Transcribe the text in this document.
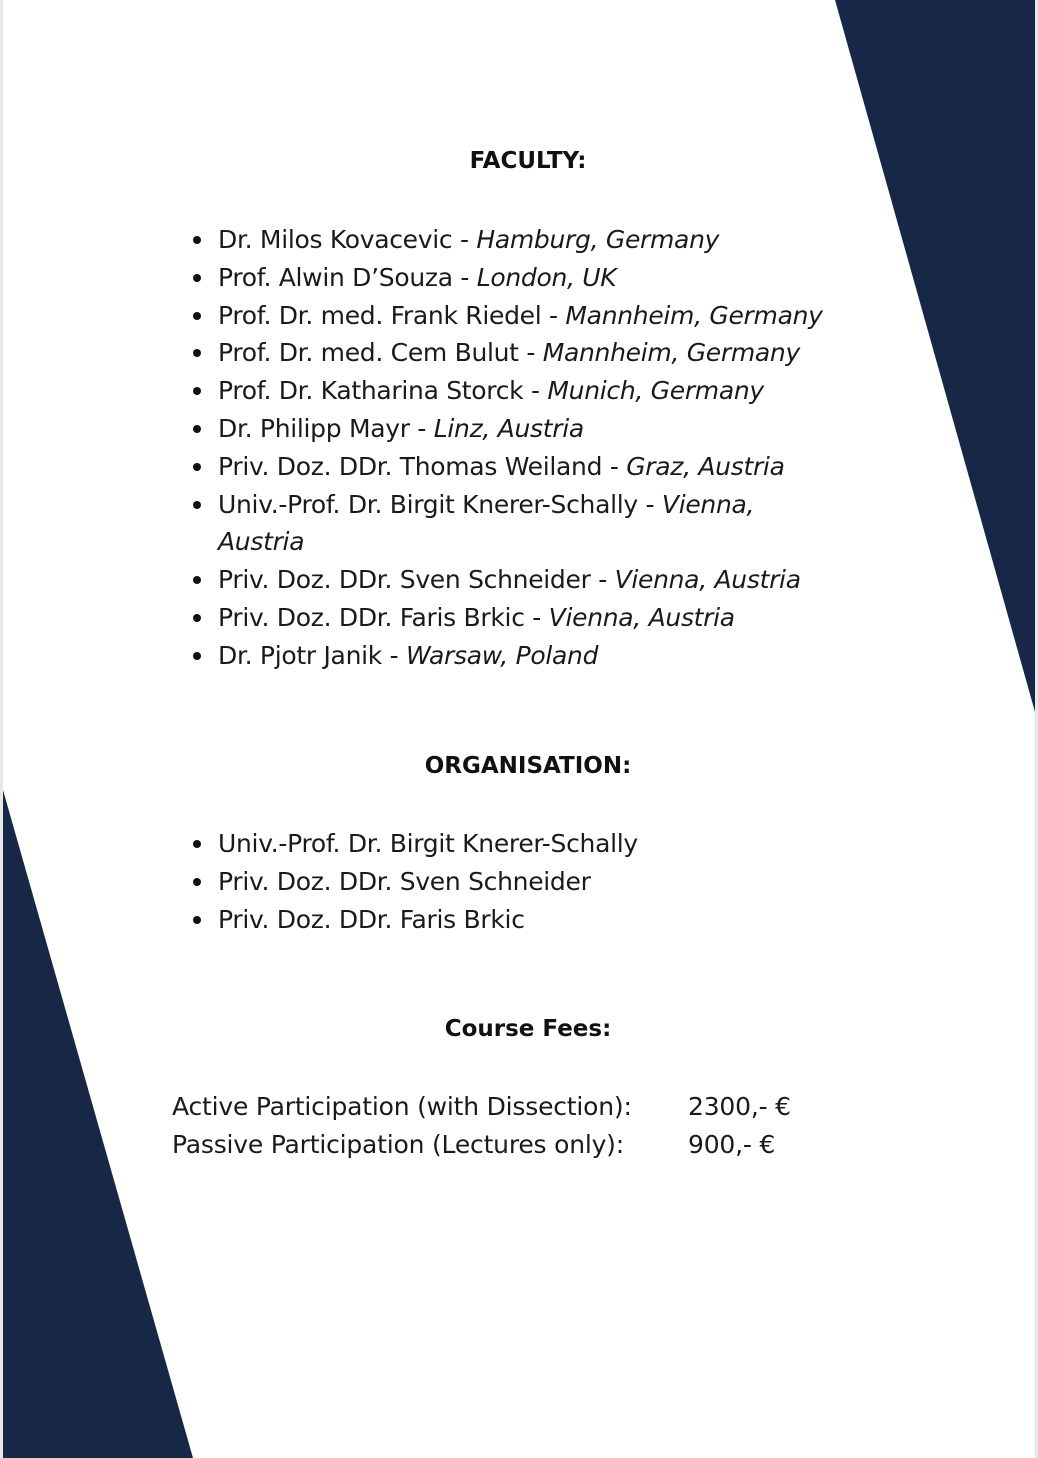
FACULTY:
Dr. Milos Kovacevic - Hamburg, Germany
Prof. Alwin D’Souza - London, UK
Prof. Dr. med. Frank Riedel - Mannheim, Germany
Prof. Dr. med. Cem Bulut - Mannheim, Germany
Prof. Dr. Katharina Storck - Munich, Germany
Dr. Philipp Mayr - Linz, Austria
Priv. Doz. DDr. Thomas Weiland - Graz, Austria
Univ.-Prof. Dr. Birgit Knerer-Schally - Vienna, Austria
Priv. Doz. DDr. Sven Schneider - Vienna, Austria
Priv. Doz. DDr. Faris Brkic - Vienna, Austria
Dr. Pjotr Janik - Warsaw, Poland
ORGANISATION:
Univ.-Prof. Dr. Birgit Knerer-Schally
Priv. Doz. DDr. Sven Schneider
Priv. Doz. DDr. Faris Brkic
Course Fees:
Active Participation (with Dissection):	2300,- €
Passive Participation (Lectures only):	900,- €
